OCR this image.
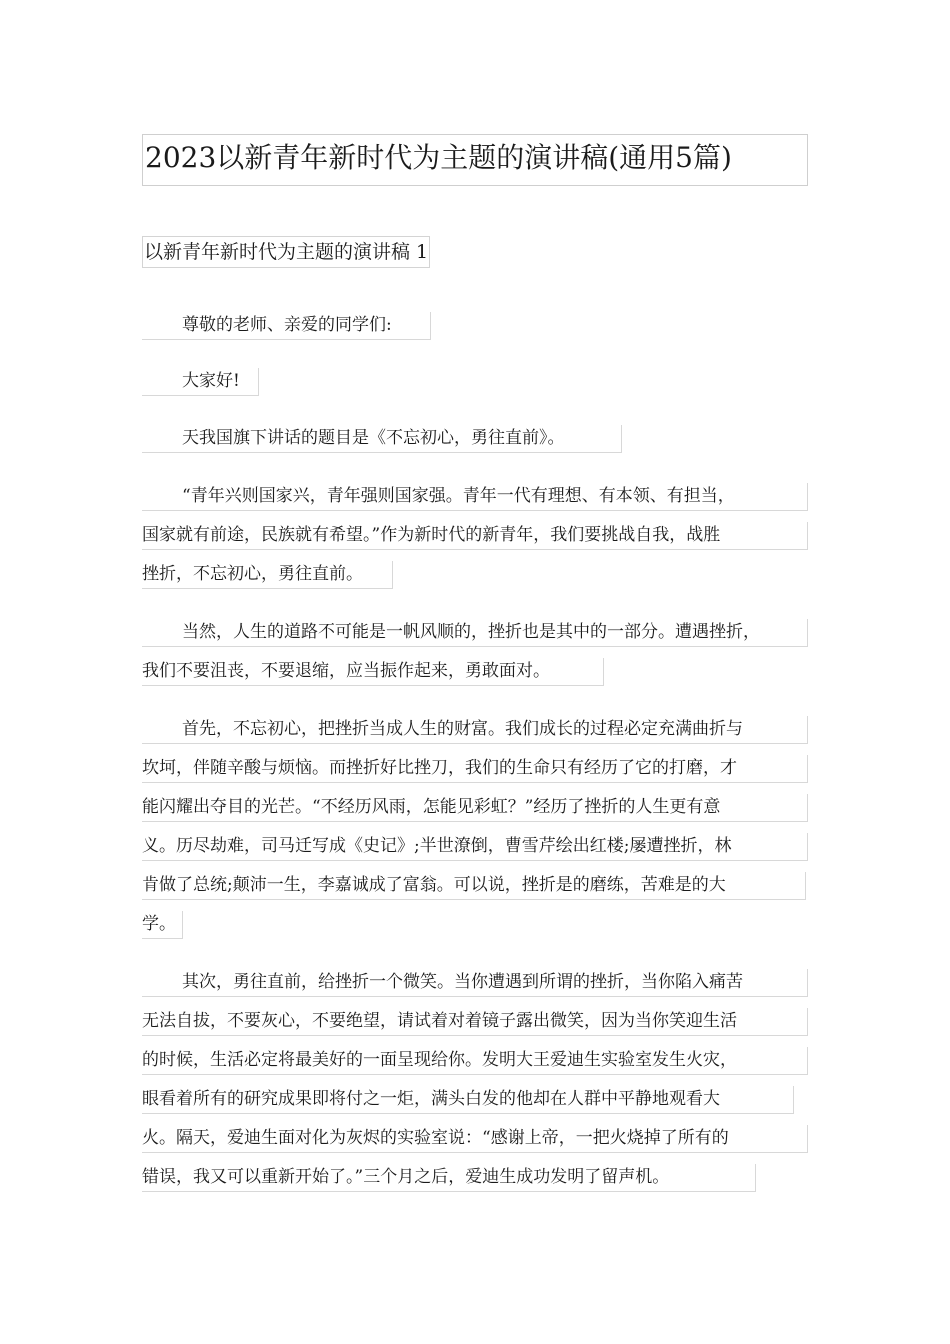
2023以新青年新时代为主题的演讲稿(通用5篇)
以新青年新时代为主题的演讲稿 1
尊敬的老师、亲爱的同学们:
大家好!
天我国旗下讲话的题目是《不忘初心，勇往直前》。
“青年兴则国家兴，青年强则国家强。青年一代有理想、有本领、有担当，
国家就有前途，民族就有希望。”作为新时代的新青年，我们要挑战自我，战胜
挫折，不忘初心，勇往直前。
当然，人生的道路不可能是一帆风顺的，挫折也是其中的一部分。遭遇挫折，
我们不要沮丧，不要退缩，应当振作起来，勇敢面对。
首先，不忘初心，把挫折当成人生的财富。我们成长的过程必定充满曲折与
坎坷，伴随辛酸与烦恼。而挫折好比挫刀，我们的生命只有经历了它的打磨，才
能闪耀出夺目的光芒。“不经历风雨，怎能见彩虹？”经历了挫折的人生更有意
义。历尽劫难，司马迁写成《史记》;半世潦倒，曹雪芹绘出红楼;屡遭挫折，林
肯做了总统;颠沛一生，李嘉诚成了富翁。可以说，挫折是的磨练，苦难是的大
学。
其次，勇往直前，给挫折一个微笑。当你遭遇到所谓的挫折，当你陷入痛苦
无法自拔，不要灰心，不要绝望，请试着对着镜子露出微笑，因为当你笑迎生活
的时候，生活必定将最美好的一面呈现给你。发明大王爱迪生实验室发生火灾，
眼看着所有的研究成果即将付之一炬，满头白发的他却在人群中平静地观看大
火。隔天，爱迪生面对化为灰烬的实验室说：“感谢上帝，一把火烧掉了所有的
错误，我又可以重新开始了。”三个月之后，爱迪生成功发明了留声机。
